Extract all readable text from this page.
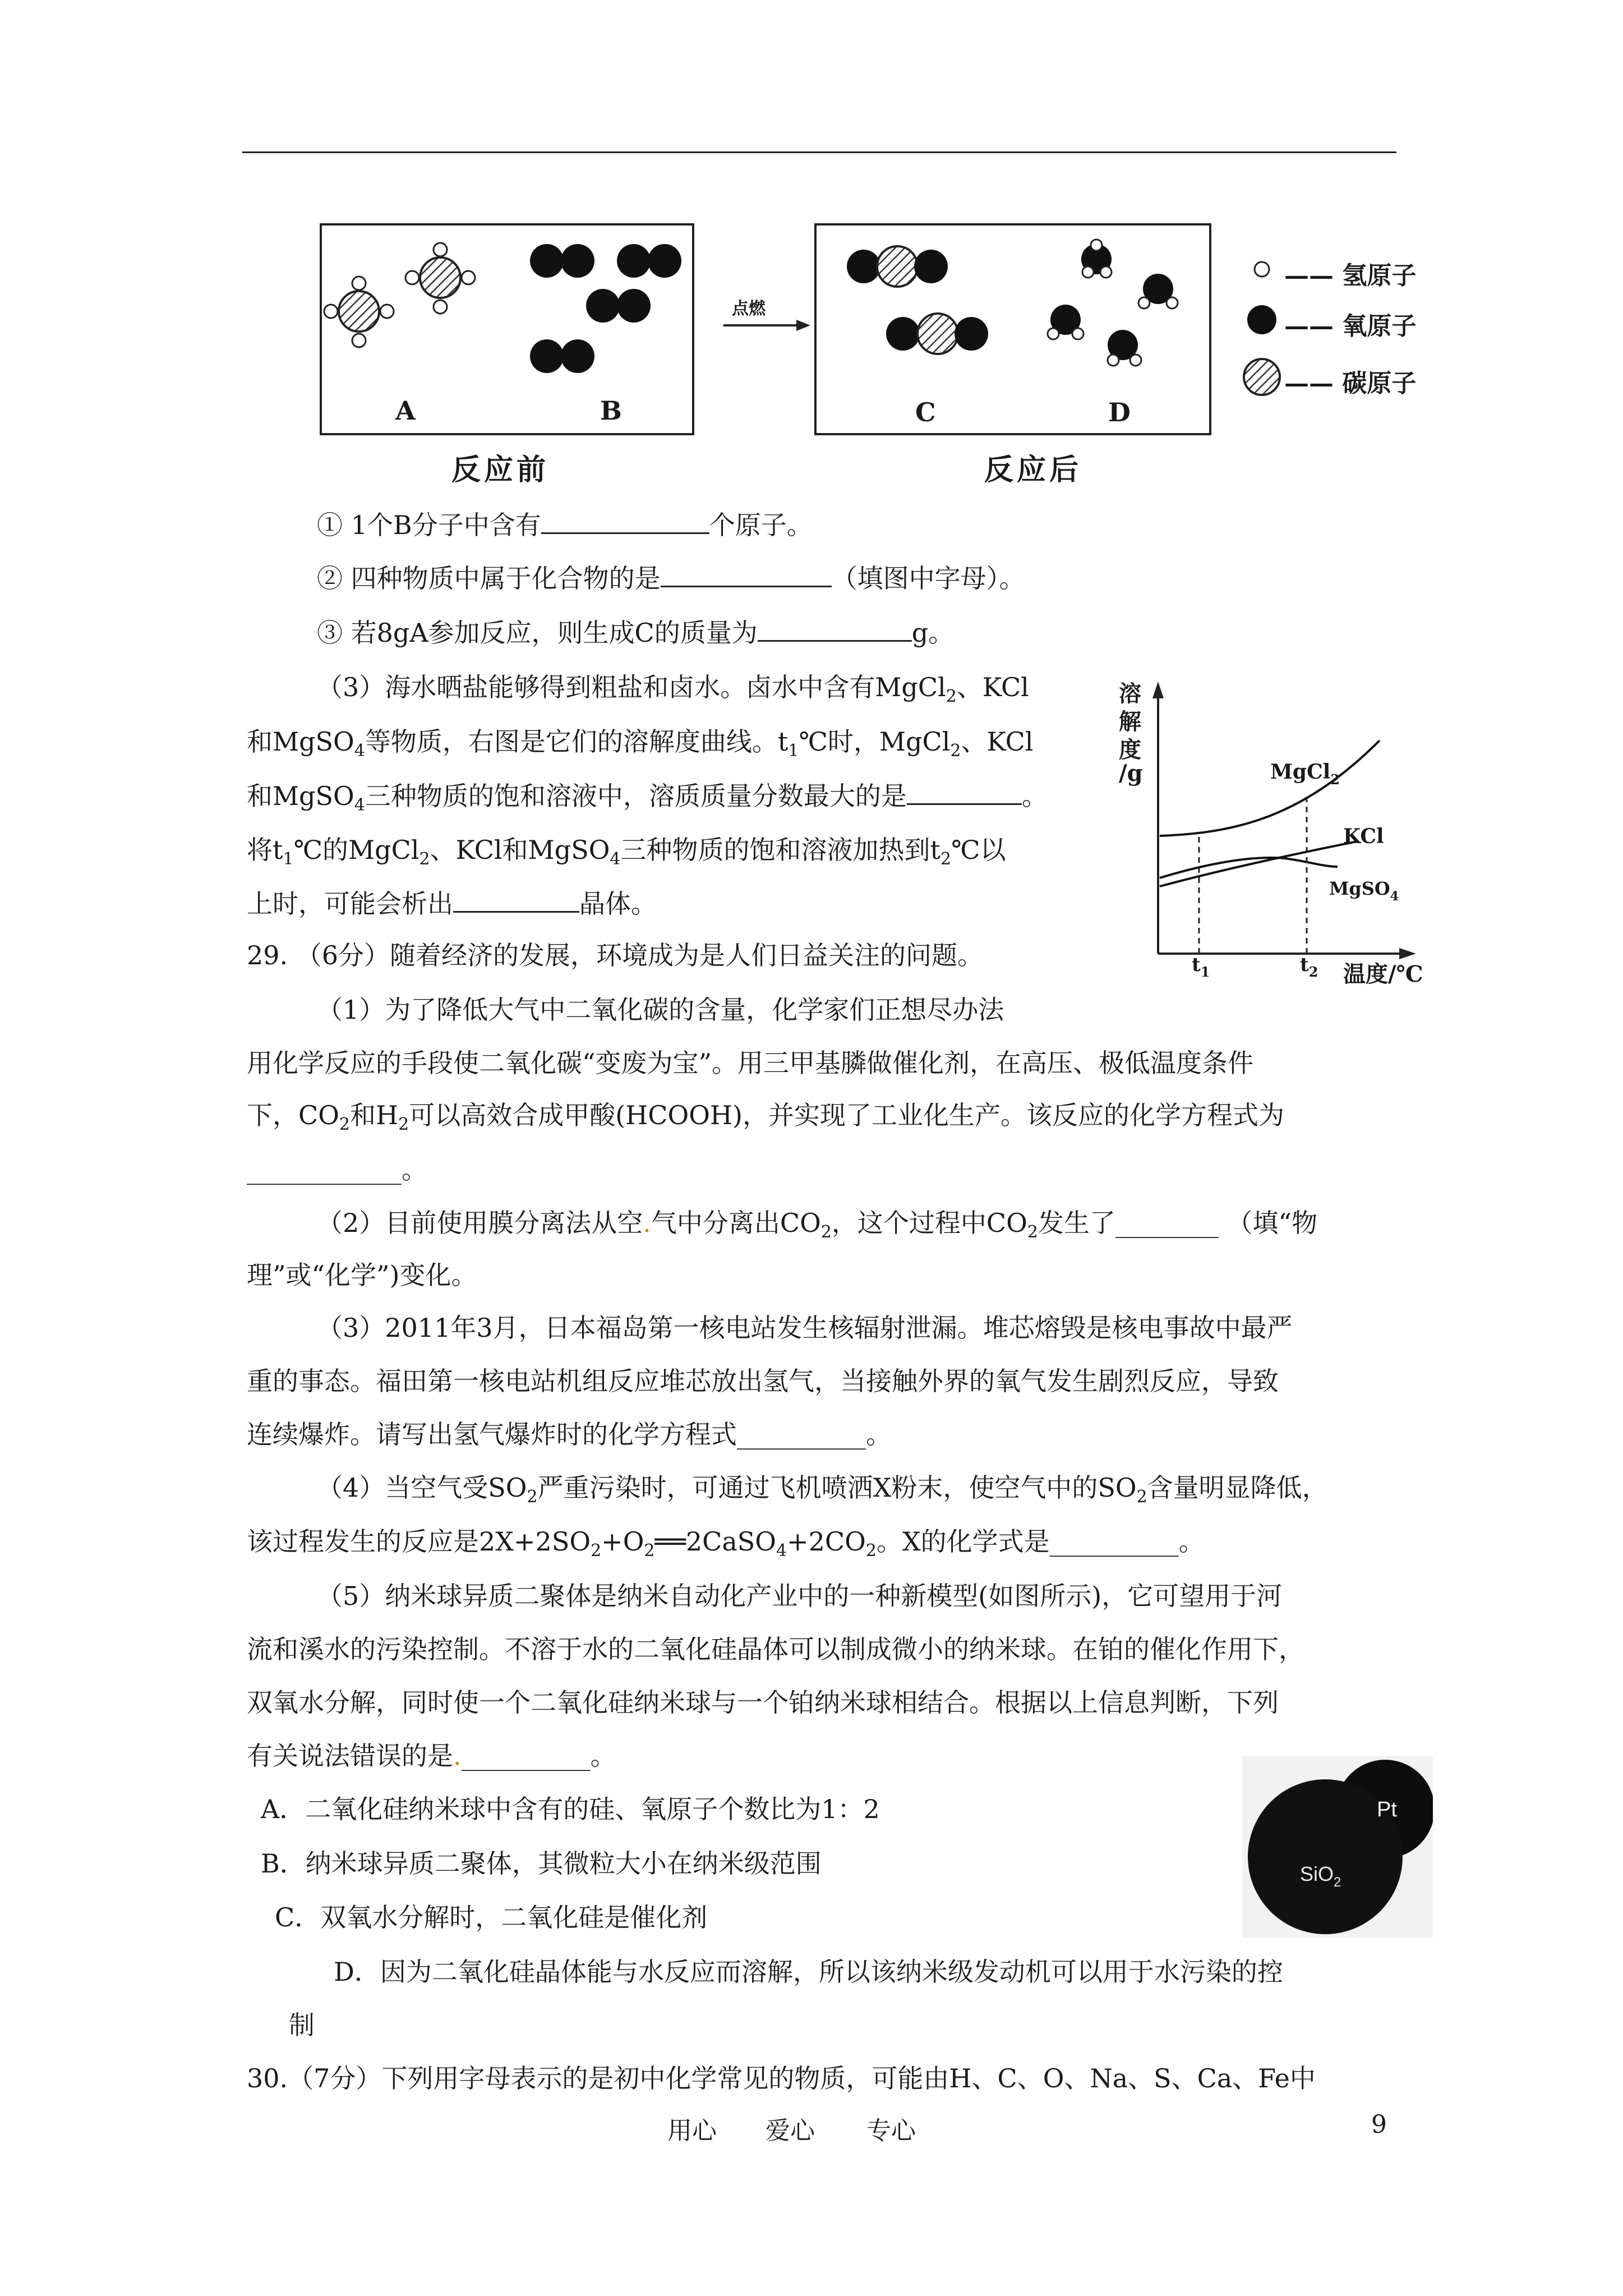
A	B	C	D
点燃
反应前	反应后
—— 氢原子
—— 氧原子
—— 碳原子
① 1个B分子中含有	个原子。
② 四种物质中属于化合物的是	（填图中字母）。
③ 若8gA参加反应，则生成C的质量为	g。
（3）海水晒盐能够得到粗盐和卤水。卤水中含有MgCl$_2$、KCl
和MgSO$_4$等物质，右图是它们的溶解度曲线。$t_1℃$时，MgCl$_2$、KCl
和MgSO$_4$三种物质的饱和溶液中，溶质质量分数最大的是	。
将$t_1℃$的MgCl$_2$、KCl和MgSO$_4$三种物质的饱和溶液加热到$t_2℃$以
上时，可能会析出	晶体。
溶
解
度
/g
温度/℃
$t_1$	$t_2$
MgCl$_2$
KCl
MgSO$_4$
29. （6分）随着经济的发展，环境成为是人们日益关注的问题。
（1）为了降低大气中二氧化碳的含量，化学家们正想尽办法
用化学反应的手段使二氧化碳“变废为宝”。用三甲基膦做催化剂，在高压、极低温度条件
下，$CO_2$和$H_2$可以高效合成甲酸(HCOOH)，并实现了工业化生产。该反应的化学方程式为
____________。
（2）目前使用膜分离法从空.气中分离出$CO_2$，这个过程中$CO_2$发生了________ （填“物
理”或“化学”)变化。
（3）2011年3月，日本福岛第一核电站发生核辐射泄漏。堆芯熔毁是核电事故中最严
重的事态。福田第一核电站机组反应堆芯放出氢气，当接触外界的氧气发生剧烈反应，导致
连续爆炸。请写出氢气爆炸时的化学方程式__________。
（4）当空气受$SO_2$严重污染时，可通过飞机喷洒X粉末，使空气中的$SO_2$含量明显降低，
该过程发生的反应是$2X+2SO_2+O_2══2CaSO_4+2CO_2$。X的化学式是__________。
（5）纳米球异质二聚体是纳米自动化产业中的一种新模型(如图所示)，它可望用于河
流和溪水的污染控制。不溶于水的二氧化硅晶体可以制成微小的纳米球。在铂的催化作用下，
双氧水分解，同时使一个二氧化硅纳米球与一个铂纳米球相结合。根据以上信息判断，下列
有关说法错误的是.__________。
A．二氧化硅纳米球中含有的硅、氧原子个数比为1：2
B．纳米球异质二聚体，其微粒大小在纳米级范围
C．双氧水分解时，二氧化硅是催化剂
D．因为二氧化硅晶体能与水反应而溶解，所以该纳米级发动机可以用于水污染的控
制
SiO$_2$
Pt
30.（7分）下列用字母表示的是初中化学常见的物质，可能由H、C、O、Na、S、Ca、Fe中
用心 爱心 专心	9
